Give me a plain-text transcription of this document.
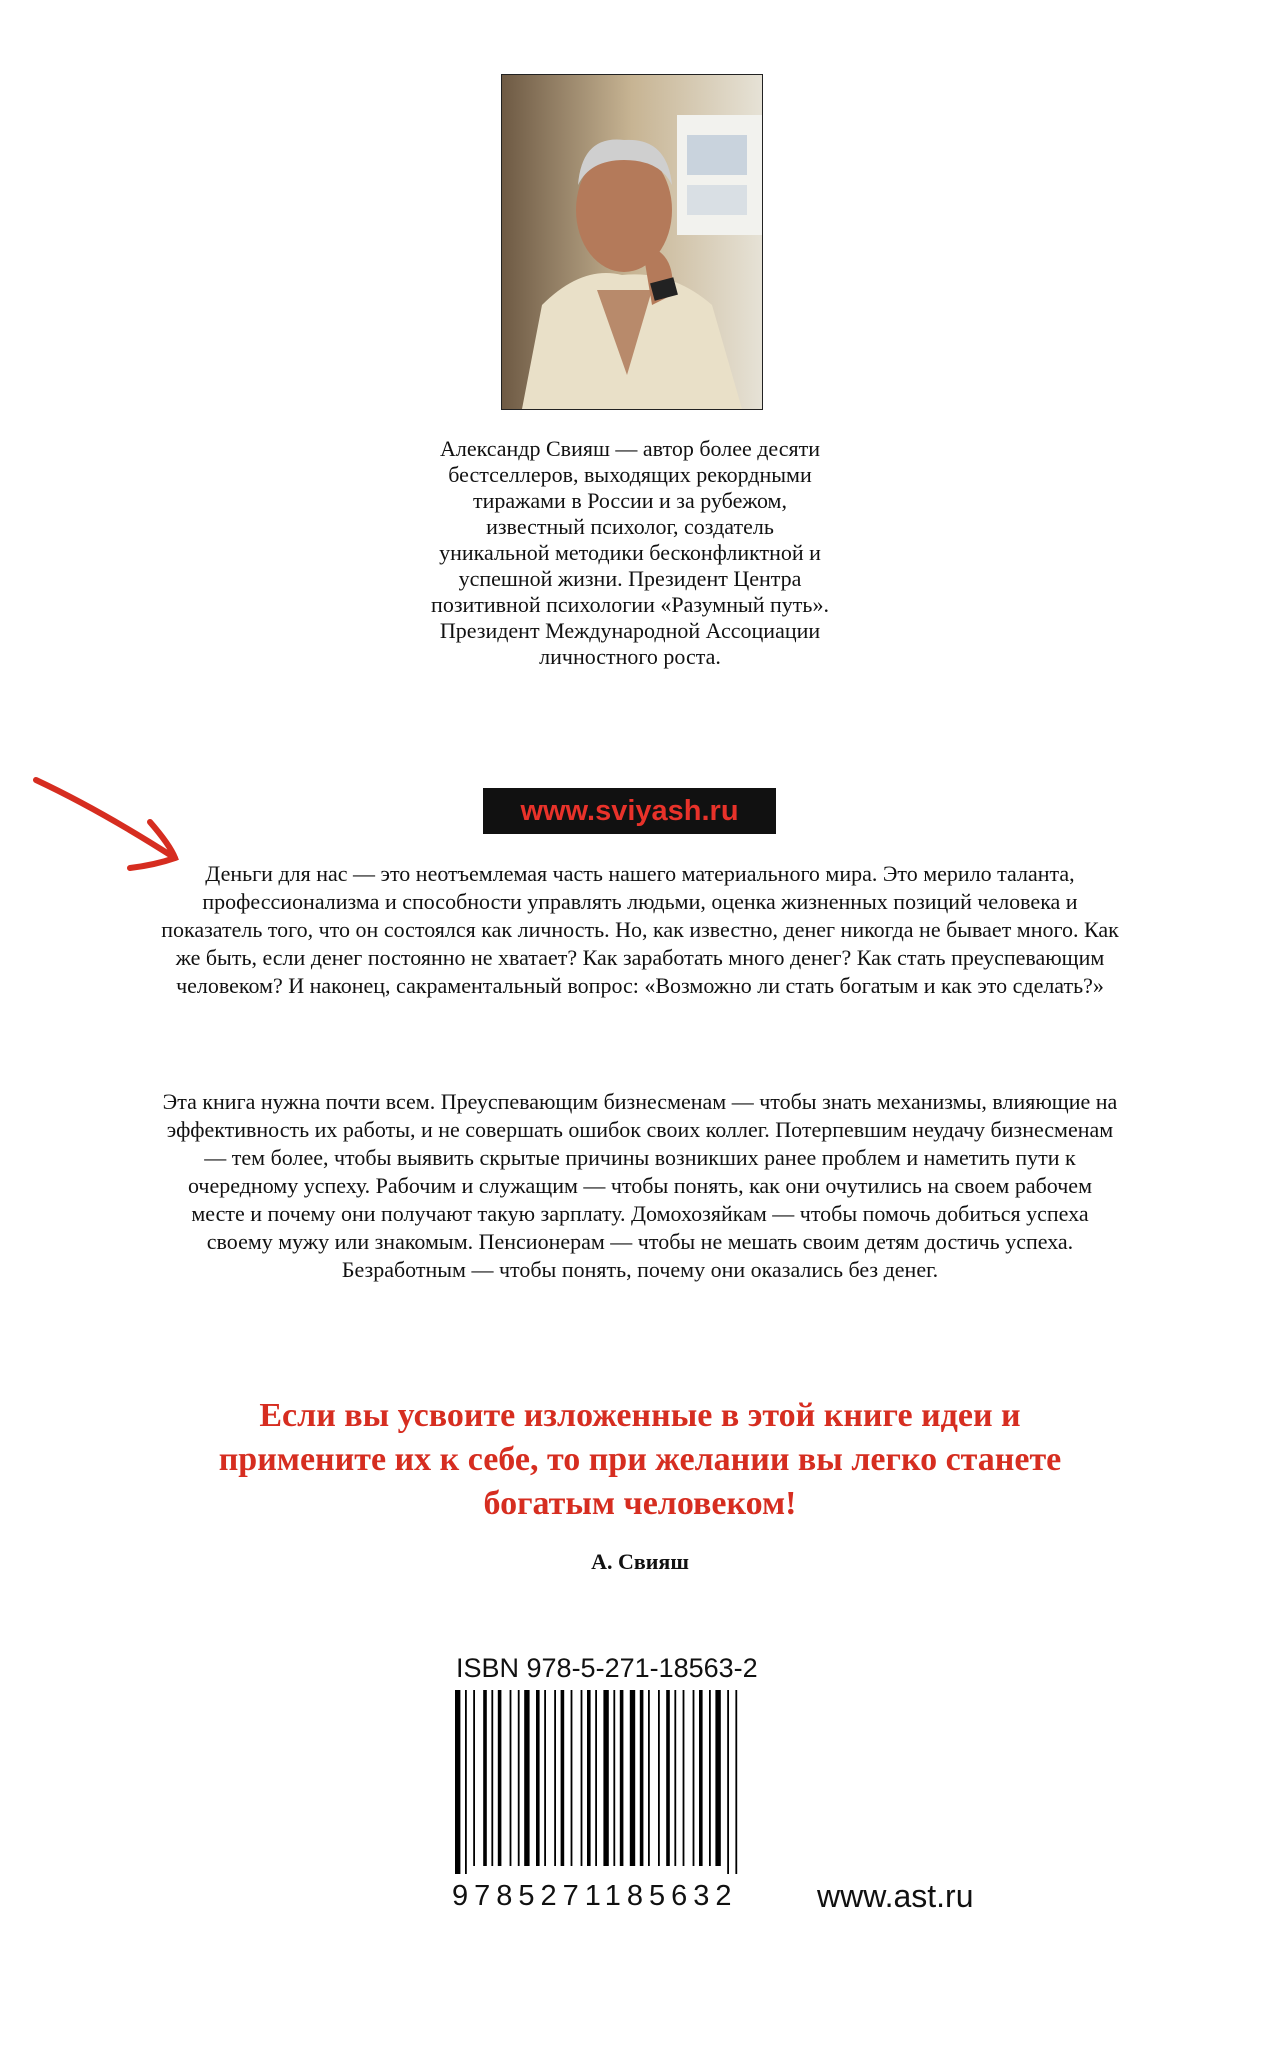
Александр Свияш — автор более десяти бестселлеров, выходящих рекордными тиражами в России и за рубежом, известный психолог, создатель уникальной методики бесконфликтной и успешной жизни. Президент Центра позитивной психологии «Разумный путь». Президент Международной Ассоциации личностного роста.

www.sviyash.ru

Деньги для нас — это неотъемлемая часть нашего материального мира. Это мерило таланта, профессионализма и способности управлять людьми, оценка жизненных позиций человека и показатель того, что он состоялся как личность. Но, как известно, денег никогда не бывает много. Как же быть, если денег постоянно не хватает? Как заработать много денег? Как стать преуспевающим человеком? И наконец, сакраментальный вопрос: «Возможно ли стать богатым и как это сделать?»

Эта книга нужна почти всем. Преуспевающим бизнесменам — чтобы знать механизмы, влияющие на эффективность их работы, и не совершать ошибок своих коллег. Потерпевшим неудачу бизнесменам — тем более, чтобы выявить скрытые причины возникших ранее проблем и наметить пути к очередному успеху. Рабочим и служащим — чтобы понять, как они очутились на своем рабочем месте и почему они получают такую зарплату. Домохозяйкам — чтобы помочь добиться успеха своему мужу или знакомым. Пенсионерам — чтобы не мешать своим детям достичь успеха. Безработным — чтобы понять, почему они оказались без денег.

Если вы усвоите изложенные в этой книге идеи и примените их к себе, то при желании вы легко станете богатым человеком!

А. Свияш

ISBN 978-5-271-18563-2
9785271185632	www.ast.ru
